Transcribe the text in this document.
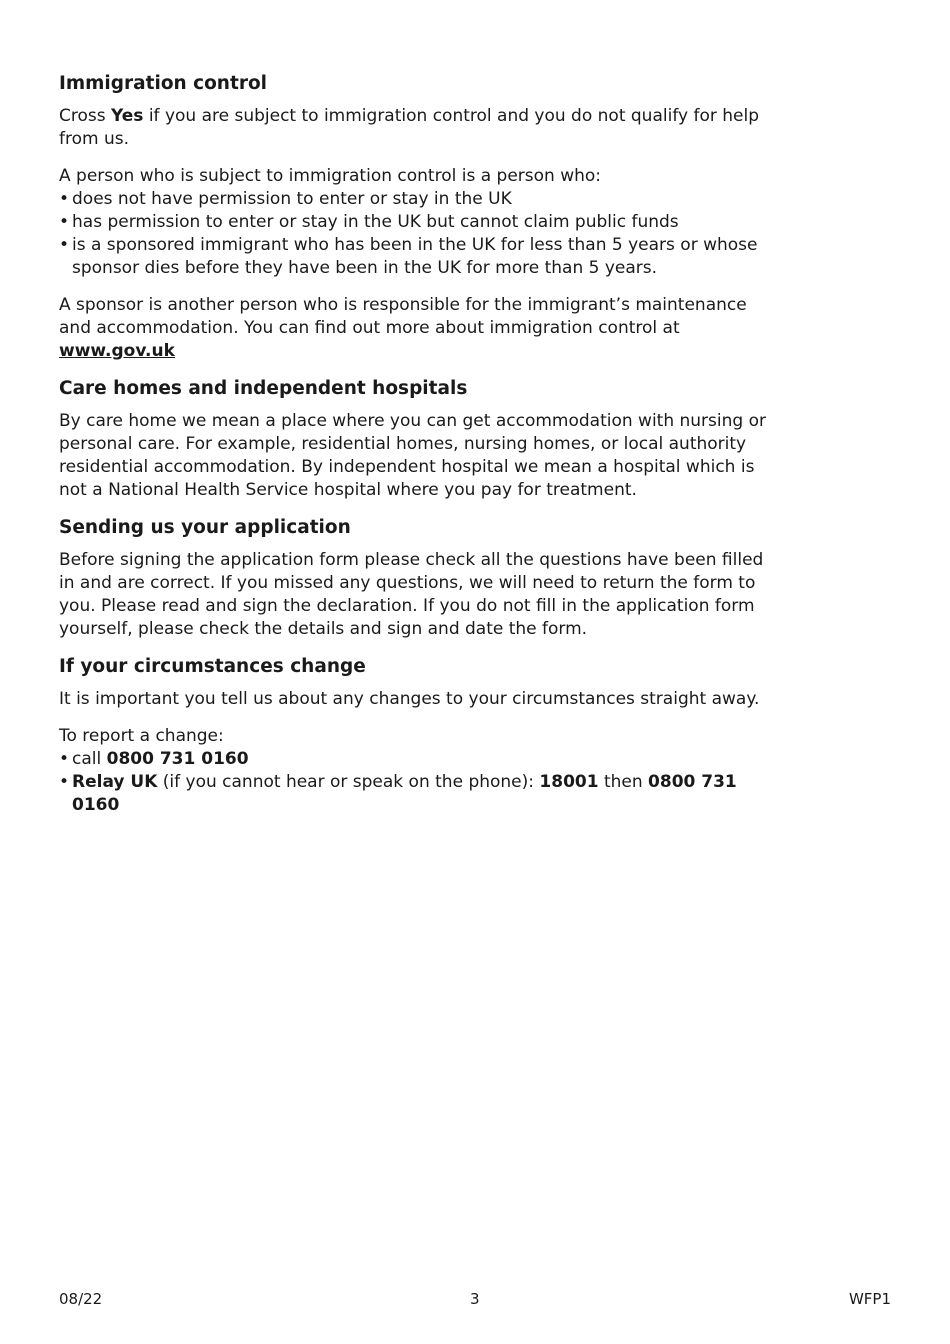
Immigration control

Cross Yes if you are subject to immigration control and you do not qualify for help from us.

A person who is subject to immigration control is a person who:

• does not have permission to enter or stay in the UK
• has permission to enter or stay in the UK but cannot claim public funds
• is a sponsored immigrant who has been in the UK for less than 5 years or whose sponsor dies before they have been in the UK for more than 5 years.

A sponsor is another person who is responsible for the immigrant’s maintenance and accommodation. You can find out more about immigration control at
www.gov.uk

Care homes and independent hospitals

By care home we mean a place where you can get accommodation with nursing or personal care. For example, residential homes, nursing homes, or local authority residential accommodation. By independent hospital we mean a hospital which is not a National Health Service hospital where you pay for treatment.

Sending us your application

Before signing the application form please check all the questions have been filled in and are correct. If you missed any questions, we will need to return the form to you. Please read and sign the declaration. If you do not fill in the application form yourself, please check the details and sign and date the form.

If your circumstances change

It is important you tell us about any changes to your circumstances straight away.

To report a change:

• call 0800 731 0160
• Relay UK (if you cannot hear or speak on the phone): 18001 then 0800 731 0160
08/22	3	WFP1
